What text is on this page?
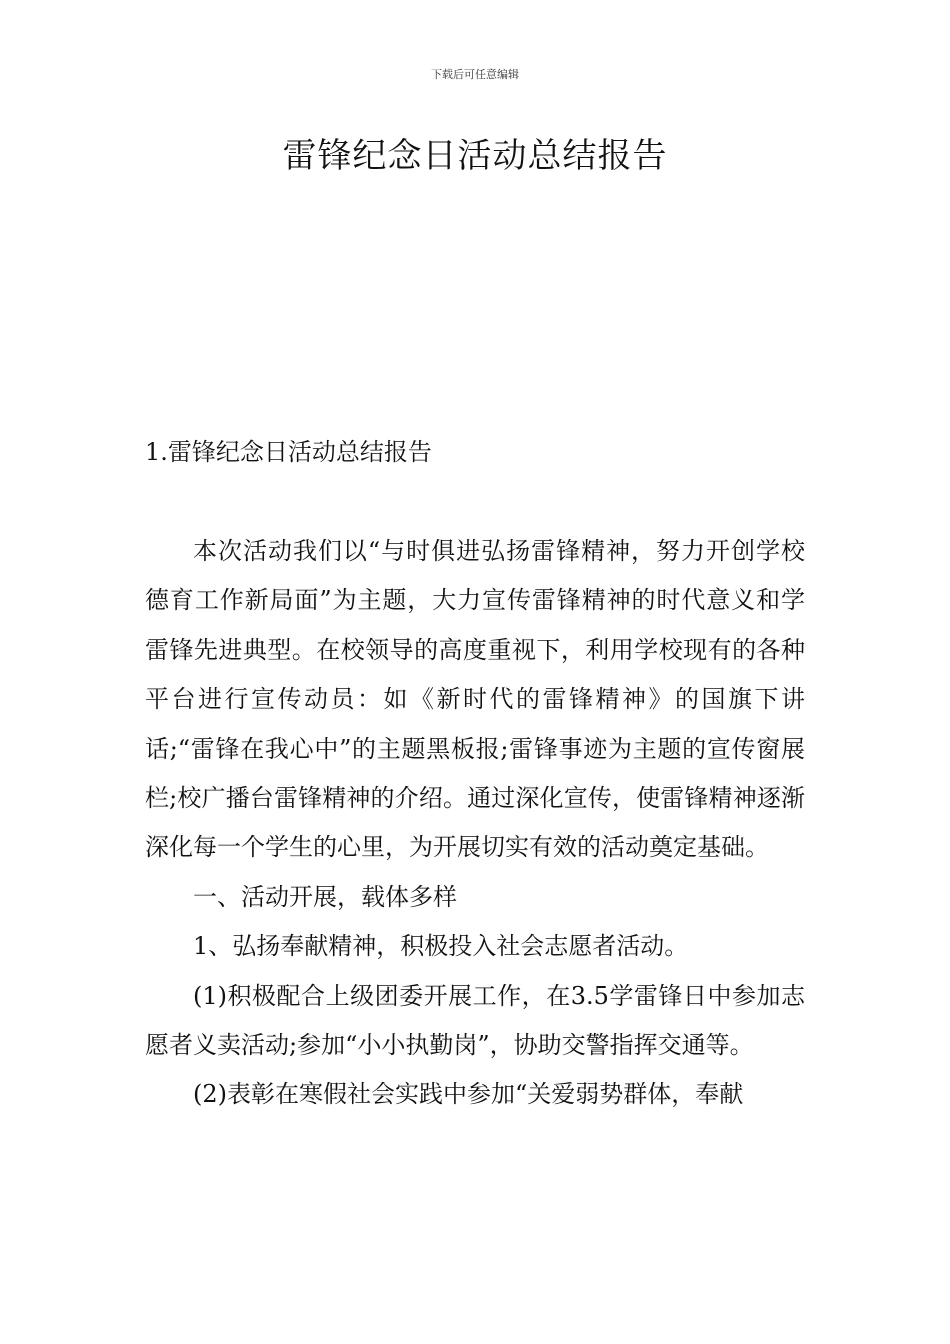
下载后可任意编辑
雷锋纪念日活动总结报告
1.雷锋纪念日活动总结报告

本次活动我们以“与时俱进弘扬雷锋精神，努力开创学校德育工作新局面”为主题，大力宣传雷锋精神的时代意义和学雷锋先进典型。在校领导的高度重视下，利用学校现有的各种平台进行宣传动员：如《新时代的雷锋精神》的国旗下讲话;“雷锋在我心中”的主题黑板报;雷锋事迹为主题的宣传窗展栏;校广播台雷锋精神的介绍。通过深化宣传，使雷锋精神逐渐深化每一个学生的心里，为开展切实有效的活动奠定基础。

一、活动开展，载体多样

1、弘扬奉献精神，积极投入社会志愿者活动。

(1)积极配合上级团委开展工作，在3.5学雷锋日中参加志愿者义卖活动;参加“小小执勤岗”，协助交警指挥交通等。

(2)表彰在寒假社会实践中参加“关爱弱势群体，奉献
